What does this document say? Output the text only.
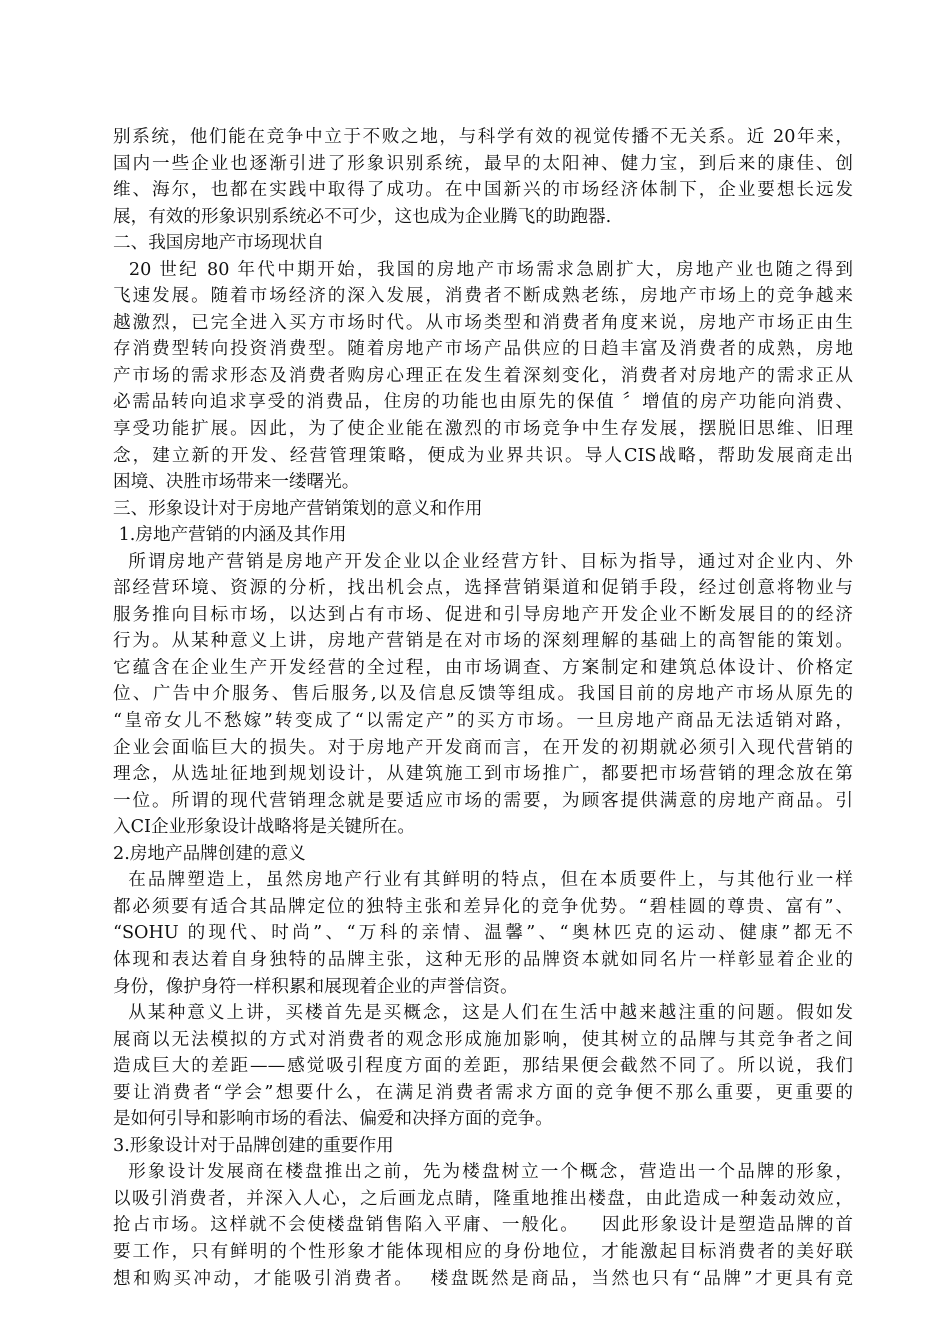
别系统，他们能在竞争中立于不败之地，与科学有效的视觉传播不无关系。近 20年来，
国内一些企业也逐渐引进了形象识别系统，最早的太阳神、健力宝，到后来的康佳、创
维、海尔，也都在实践中取得了成功。在中国新兴的市场经济体制下，企业要想长远发
展，有效的形象识别系统必不可少，这也成为企业腾飞的助跑器.
二、我国房地产市场现状自
20 世纪 80 年代中期开始，我国的房地产市场需求急剧扩大，房地产业也随之得到
飞速发展。随着市场经济的深入发展，消费者不断成熟老练，房地产市场上的竞争越来
越激烈，已完全进入买方市场时代。从市场类型和消费者角度来说，房地产市场正由生
存消费型转向投资消费型。随着房地产市场产品供应的日趋丰富及消费者的成熟，房地
产市场的需求形态及消费者购房心理正在发生着深刻变化，消费者对房地产的需求正从
必需品转向追求享受的消费品，住房的功能也由原先的保值 〞增值的房产功能向消费、
享受功能扩展。因此，为了使企业能在激烈的市场竞争中生存发展，摆脱旧思维、旧理
念，建立新的开发、经营管理策略，便成为业界共识。导人CIS战略，帮助发展商走出
困境、决胜市场带来一缕曙光。
三、形象设计对于房地产营销策划的意义和作用
1.房地产营销的内涵及其作用
所谓房地产营销是房地产开发企业以企业经营方针、目标为指导，通过对企业内、外
部经营环境、资源的分析，找出机会点，选择营销渠道和促销手段，经过创意将物业与
服务推向目标市场，以达到占有市场、促进和引导房地产开发企业不断发展目的的经济
行为。从某种意义上讲，房地产营销是在对市场的深刻理解的基础上的高智能的策划。
它蕴含在企业生产开发经营的全过程，由市场调查、方案制定和建筑总体设计、价格定
位、广告中介服务、售后服务,以及信息反馈等组成。我国目前的房地产市场从原先的
“皇帝女儿不愁嫁”转变成了“以需定产”的买方市场。一旦房地产商品无法适销对路，
企业会面临巨大的损失。对于房地产开发商而言，在开发的初期就必须引入现代营销的
理念，从选址征地到规划设计，从建筑施工到市场推广，都要把市场营销的理念放在第
一位。所谓的现代营销理念就是要适应市场的需要，为顾客提供满意的房地产商品。引
入CI企业形象设计战略将是关键所在。
2.房地产品牌创建的意义
在品牌塑造上，虽然房地产行业有其鲜明的特点，但在本质要件上，与其他行业一样
都必须要有适合其品牌定位的独特主张和差异化的竞争优势。“碧桂圆的尊贵、富有”、
“SOHU 的现代、时尚”、“万科的亲情、温馨”、“奥林匹克的运动、健康”都无不
体现和表达着自身独特的品牌主张，这种无形的品牌资本就如同名片一样彰显着企业的
身份，像护身符一样积累和展现着企业的声誉信资。
从某种意义上讲，买楼首先是买概念，这是人们在生活中越来越注重的问题。假如发
展商以无法模拟的方式对消费者的观念形成施加影响，使其树立的品牌与其竞争者之间
造成巨大的差距——感觉吸引程度方面的差距，那结果便会截然不同了。所以说，我们
要让消费者“学会”想要什么，在满足消费者需求方面的竞争便不那么重要，更重要的
是如何引导和影响市场的看法、偏爱和决择方面的竞争。
3.形象设计对于品牌创建的重要作用
形象设计发展商在楼盘推出之前，先为楼盘树立一个概念，营造出一个品牌的形象，
以吸引消费者，并深入人心，之后画龙点睛，隆重地推出楼盘，由此造成一种轰动效应，
抢占市场。这样就不会使楼盘销售陷入平庸、一般化。   因此形象设计是塑造品牌的首
要工作，只有鲜明的个性形象才能体现相应的身份地位，才能激起目标消费者的美好联
想和购买冲动，才能吸引消费者。  楼盘既然是商品，当然也只有“品牌”才更具有竞
